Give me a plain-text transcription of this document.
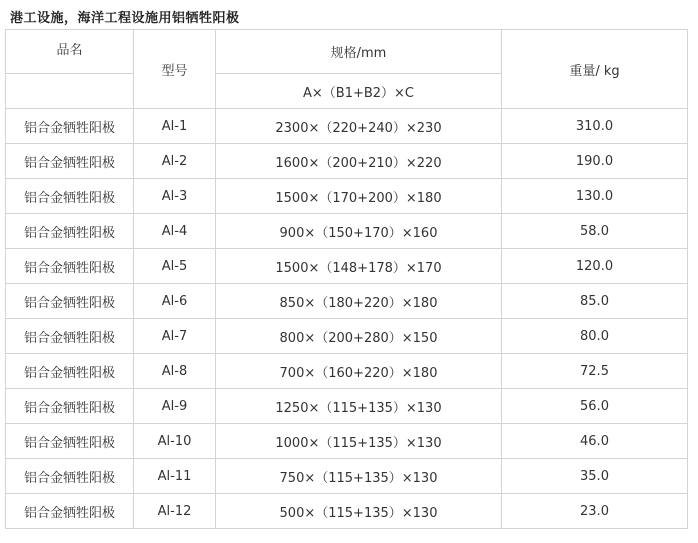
港工设施，海洋工程设施用铝牺牲阳极
品名	型号	规格/mm	重量/ kg
		A×（B1+B2）×C	
铝合金牺牲阳极	Al-1	2300×（220+240）×230	310.0
铝合金牺牲阳极	Al-2	1600×（200+210）×220	190.0
铝合金牺牲阳极	Al-3	1500×（170+200）×180	130.0
铝合金牺牲阳极	Al-4	900×（150+170）×160	58.0
铝合金牺牲阳极	Al-5	1500×（148+178）×170	120.0
铝合金牺牲阳极	Al-6	850×（180+220）×180	85.0
铝合金牺牲阳极	Al-7	800×（200+280）×150	80.0
铝合金牺牲阳极	Al-8	700×（160+220）×180	72.5
铝合金牺牲阳极	Al-9	1250×（115+135）×130	56.0
铝合金牺牲阳极	Al-10	1000×（115+135）×130	46.0
铝合金牺牲阳极	Al-11	750×（115+135）×130	35.0
铝合金牺牲阳极	Al-12	500×（115+135）×130	23.0
